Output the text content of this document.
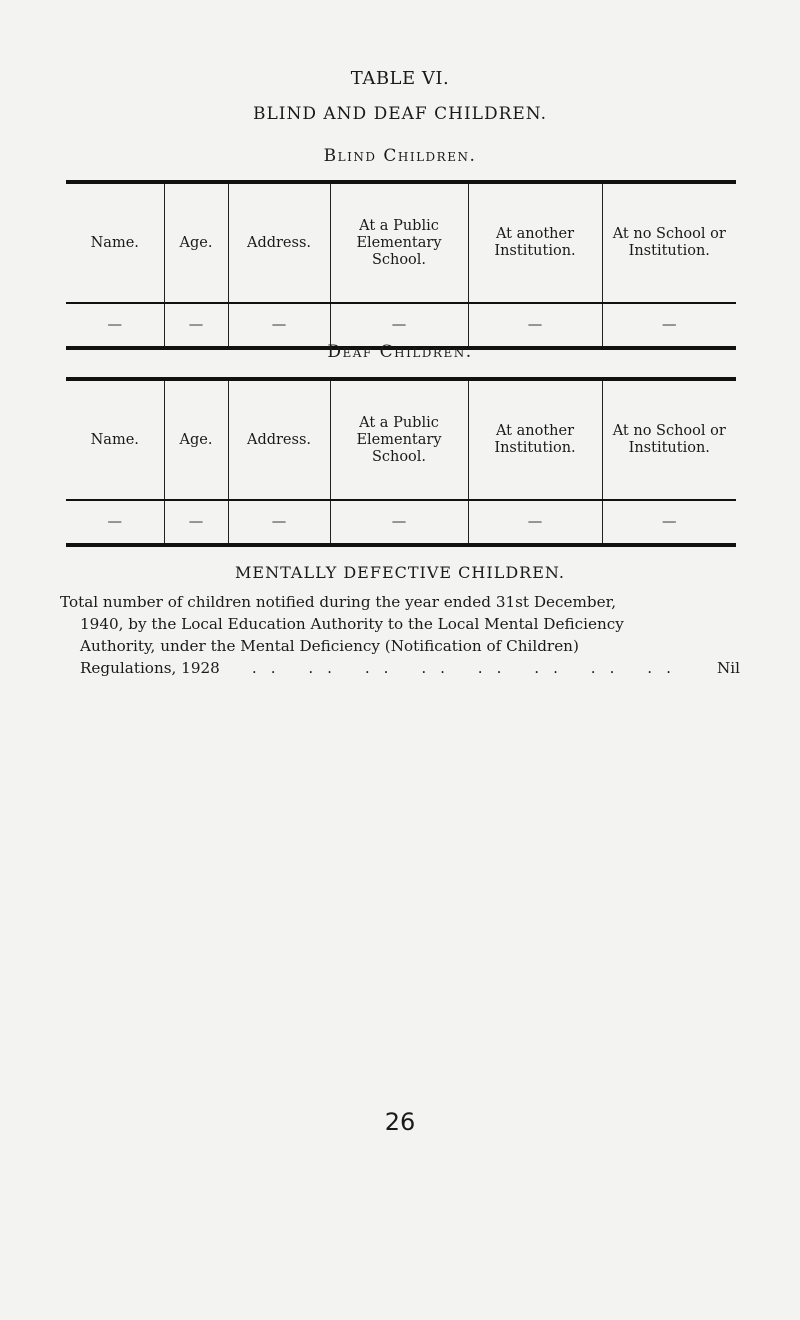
TABLE VI.
BLIND AND DEAF CHILDREN.
Blind Children.
Name.	Age.	Address.	At a Public Elementary School.	At another Institution.	At no School or Institution.
—	—	—	—	—	—
Deaf Children.
Name.	Age.	Address.	At a Public Elementary School.	At another Institution.	At no School or Institution.
—	—	—	—	—	—
MENTALLY DEFECTIVE CHILDREN.
Total number of children notified during the year ended 31st December,
1940, by the Local Education Authority to the Local Mental Deficiency
Authority, under the Mental Deficiency (Notification of Children)
Regulations, 1928	.. .. .. .. .. .. .. ..	Nil
26
